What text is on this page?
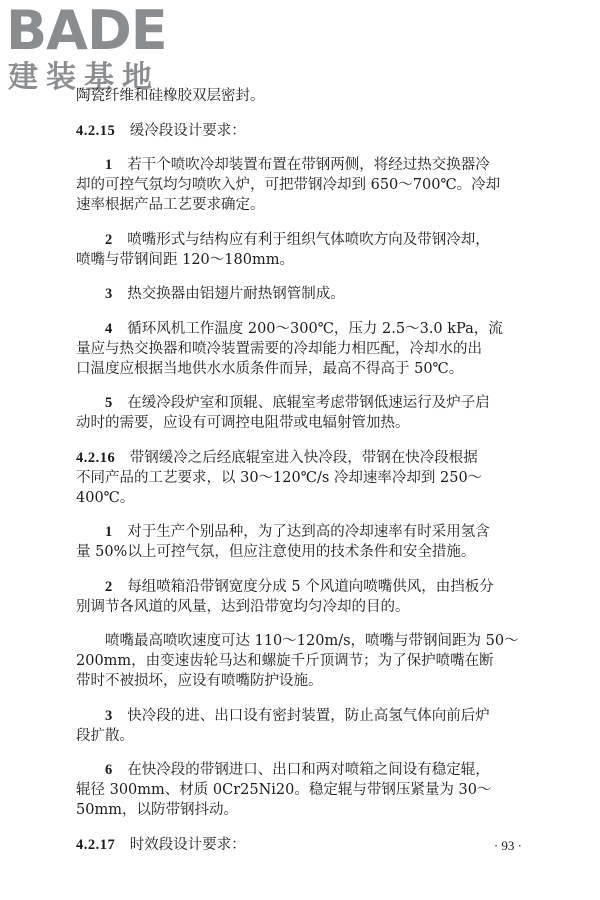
BADE
建装基地

陶瓷纤维和硅橡胶双层密封。

4.2.15　缓冷段设计要求：

1　若干个喷吹冷却装置布置在带钢两侧，将经过热交换器冷

却的可控气氛均匀喷吹入炉，可把带钢冷却到 650～700℃。冷却

速率根据产品工艺要求确定。

2　喷嘴形式与结构应有利于组织气体喷吹方向及带钢冷却，

喷嘴与带钢间距 120～180mm。

3　热交换器由铝翅片耐热钢管制成。

4　循环风机工作温度 200～300℃，压力 2.5～3.0 kPa，流

量应与热交换器和喷冷装置需要的冷却能力相匹配，冷却水的出

口温度应根据当地供水水质条件而异，最高不得高于 50℃。

5　在缓冷段炉室和顶辊、底辊室考虑带钢低速运行及炉子启

动时的需要，应设有可调控电阻带或电辐射管加热。

4.2.16　带钢缓冷之后经底辊室进入快冷段，带钢在快冷段根据

不同产品的工艺要求，以 30～120℃/s 冷却速率冷却到 250～

400℃。

1　对于生产个别品种，为了达到高的冷却速率有时采用氢含

量 50%以上可控气氛，但应注意使用的技术条件和安全措施。

2　每组喷箱沿带钢宽度分成 5 个风道向喷嘴供风，由挡板分

别调节各风道的风量，达到沿带宽均匀冷却的目的。

喷嘴最高喷吹速度可达 110～120m/s，喷嘴与带钢间距为 50～

200mm，由变速齿轮马达和螺旋千斤顶调节；为了保护喷嘴在断

带时不被损坏，应设有喷嘴防护设施。

3　快冷段的进、出口设有密封装置，防止高氢气体向前后炉

段扩散。

6　在快冷段的带钢进口、出口和两对喷箱之间设有稳定辊，

辊径 300mm、材质 0Cr25Ni20。稳定辊与带钢压紧量为 30～

50mm，以防带钢抖动。

4.2.17　时效段设计要求：	· 93 ·
